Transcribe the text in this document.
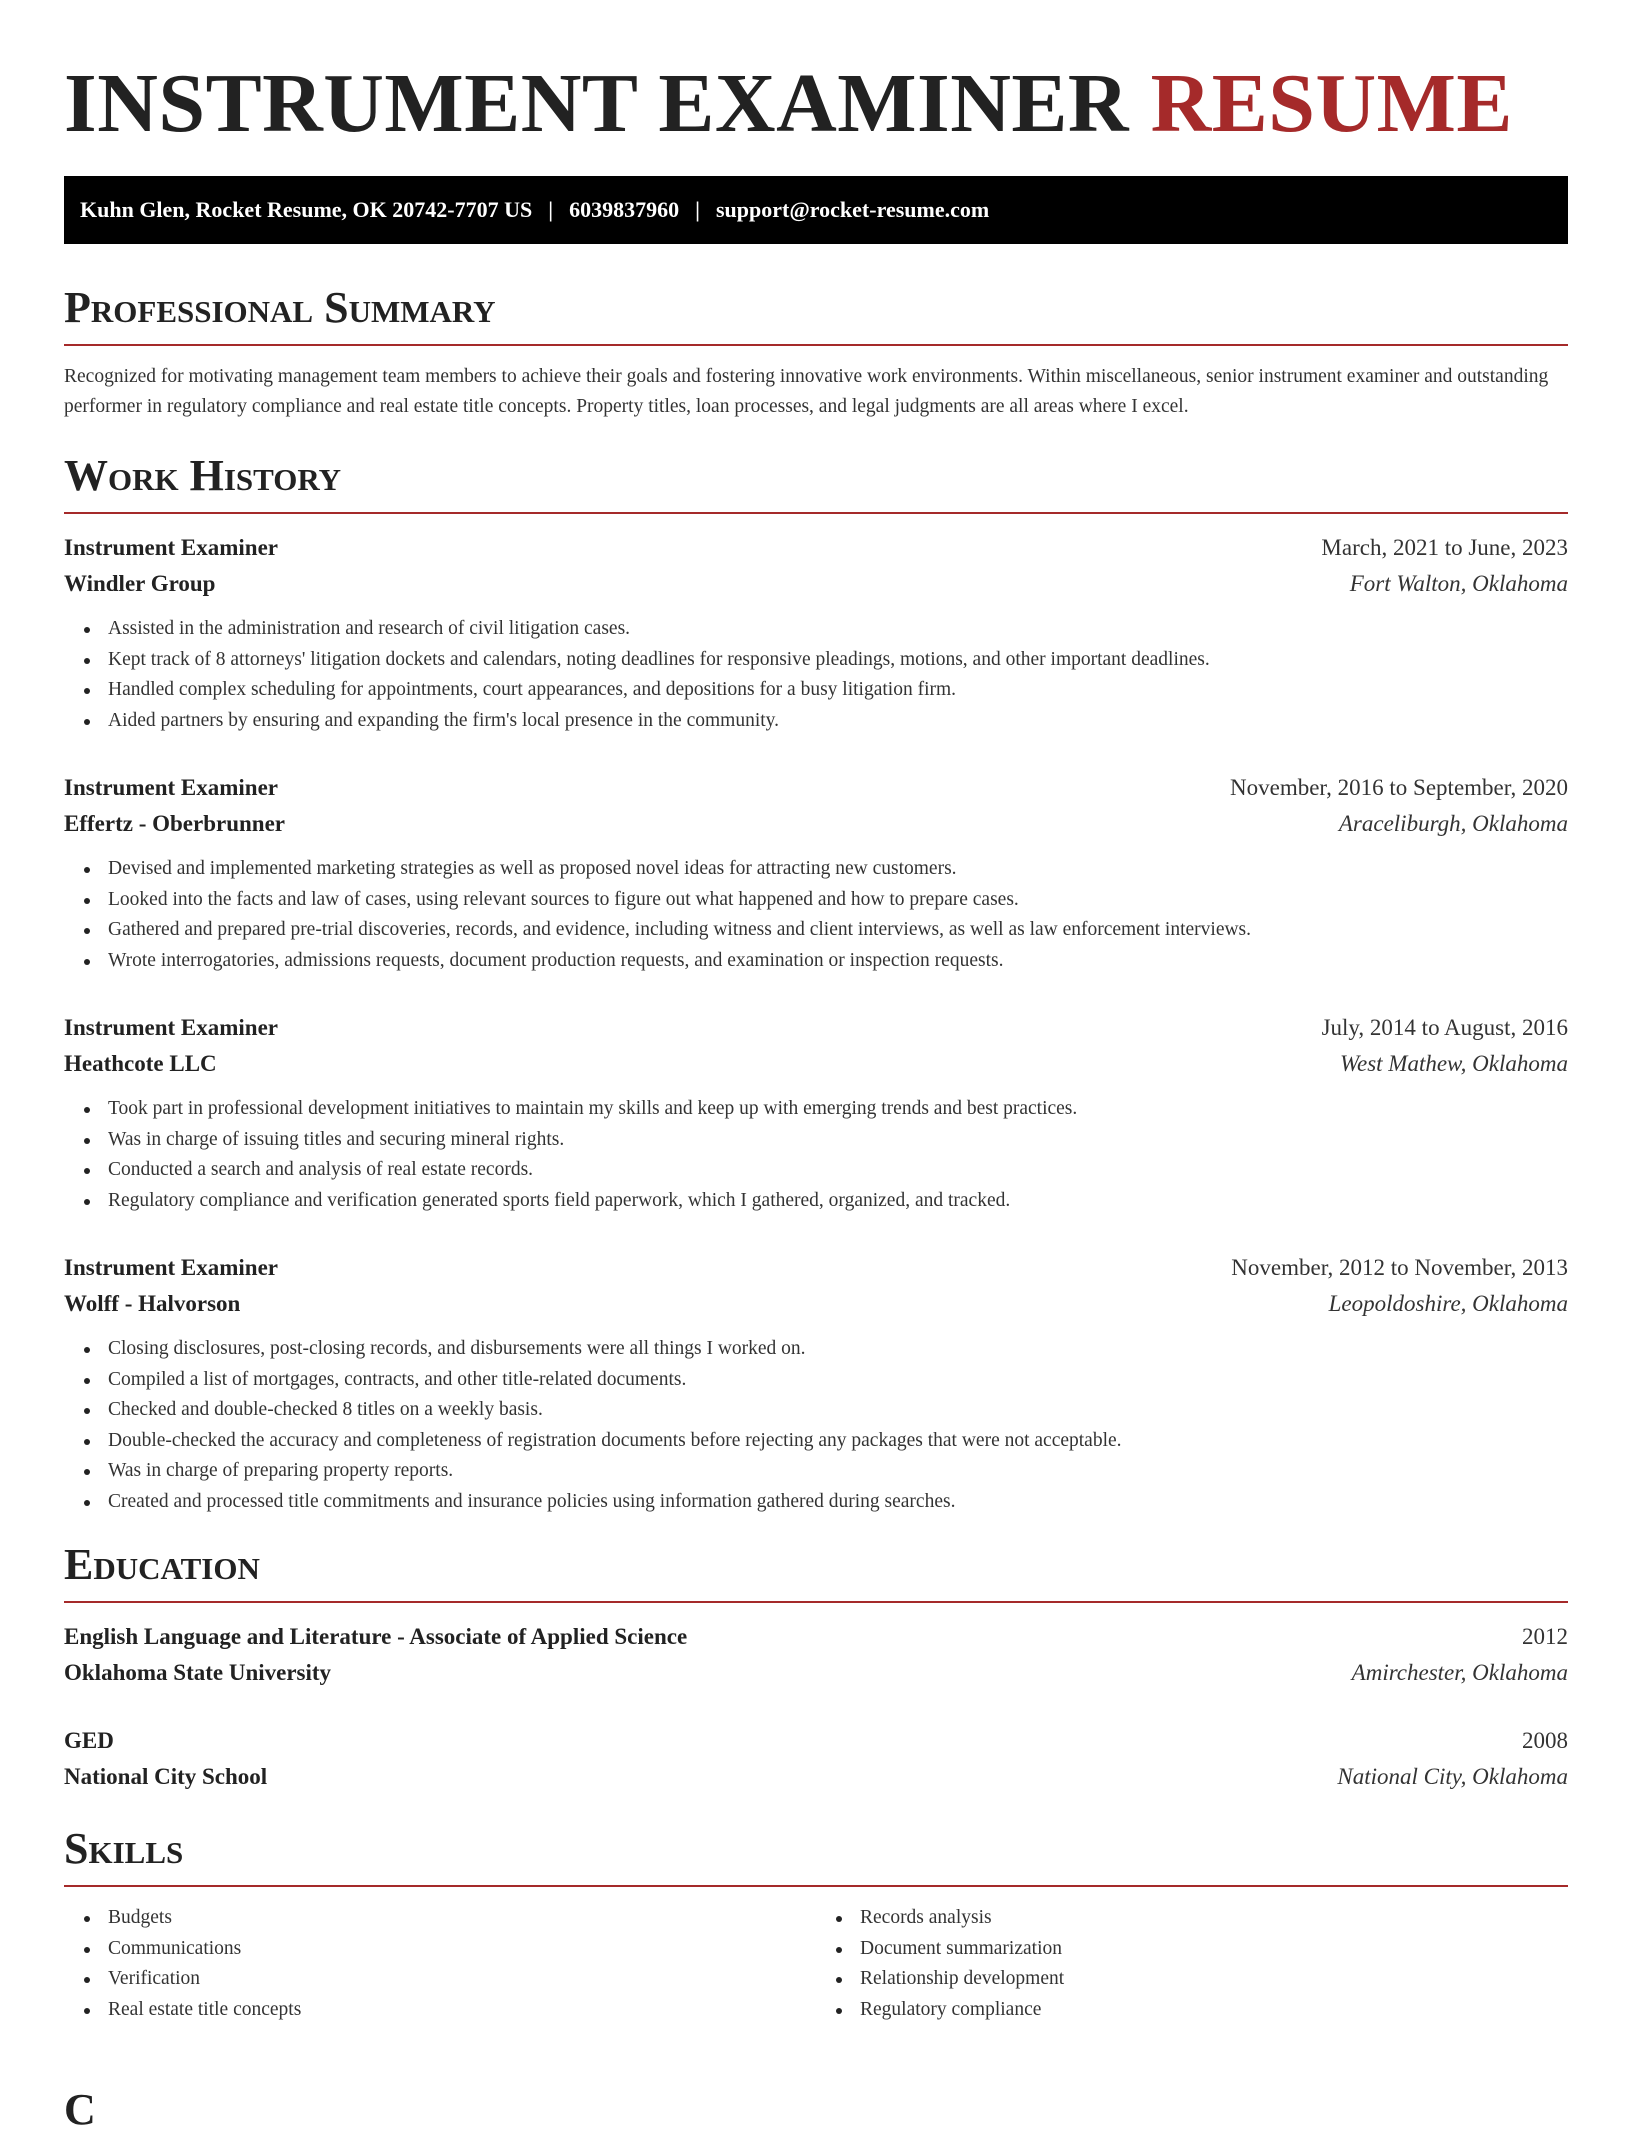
INSTRUMENT EXAMINER RESUME
Kuhn Glen, Rocket Resume, OK 20742-7707 US | 6039837960 | support@rocket-resume.com
Professional Summary

Recognized for motivating management team members to achieve their goals and fostering innovative work environments. Within miscellaneous, senior instrument examiner and outstanding performer in regulatory compliance and real estate title concepts. Property titles, loan processes, and legal judgments are all areas where I excel.

Work History
Instrument Examiner	March, 2021 to June, 2023
Windler Group	Fort Walton, Oklahoma
Assisted in the administration and research of civil litigation cases.
Kept track of 8 attorneys' litigation dockets and calendars, noting deadlines for responsive pleadings, motions, and other important deadlines.
Handled complex scheduling for appointments, court appearances, and depositions for a busy litigation firm.
Aided partners by ensuring and expanding the firm's local presence in the community.
Instrument Examiner	November, 2016 to September, 2020
Effertz - Oberbrunner	Araceliburgh, Oklahoma
Devised and implemented marketing strategies as well as proposed novel ideas for attracting new customers.
Looked into the facts and law of cases, using relevant sources to figure out what happened and how to prepare cases.
Gathered and prepared pre-trial discoveries, records, and evidence, including witness and client interviews, as well as law enforcement interviews.
Wrote interrogatories, admissions requests, document production requests, and examination or inspection requests.
Instrument Examiner	July, 2014 to August, 2016
Heathcote LLC	West Mathew, Oklahoma
Took part in professional development initiatives to maintain my skills and keep up with emerging trends and best practices.
Was in charge of issuing titles and securing mineral rights.
Conducted a search and analysis of real estate records.
Regulatory compliance and verification generated sports field paperwork, which I gathered, organized, and tracked.
Instrument Examiner	November, 2012 to November, 2013
Wolff - Halvorson	Leopoldoshire, Oklahoma
Closing disclosures, post-closing records, and disbursements were all things I worked on.
Compiled a list of mortgages, contracts, and other title-related documents.
Checked and double-checked 8 titles on a weekly basis.
Double-checked the accuracy and completeness of registration documents before rejecting any packages that were not acceptable.
Was in charge of preparing property reports.
Created and processed title commitments and insurance policies using information gathered during searches.
Education
English Language and Literature - Associate of Applied Science	2012
Oklahoma State University	Amirchester, Oklahoma
GED	2008
National City School	National City, Oklahoma
Skills
Budgets
Communications
Verification
Real estate title concepts
Records analysis
Document summarization
Relationship development
Regulatory compliance
C
